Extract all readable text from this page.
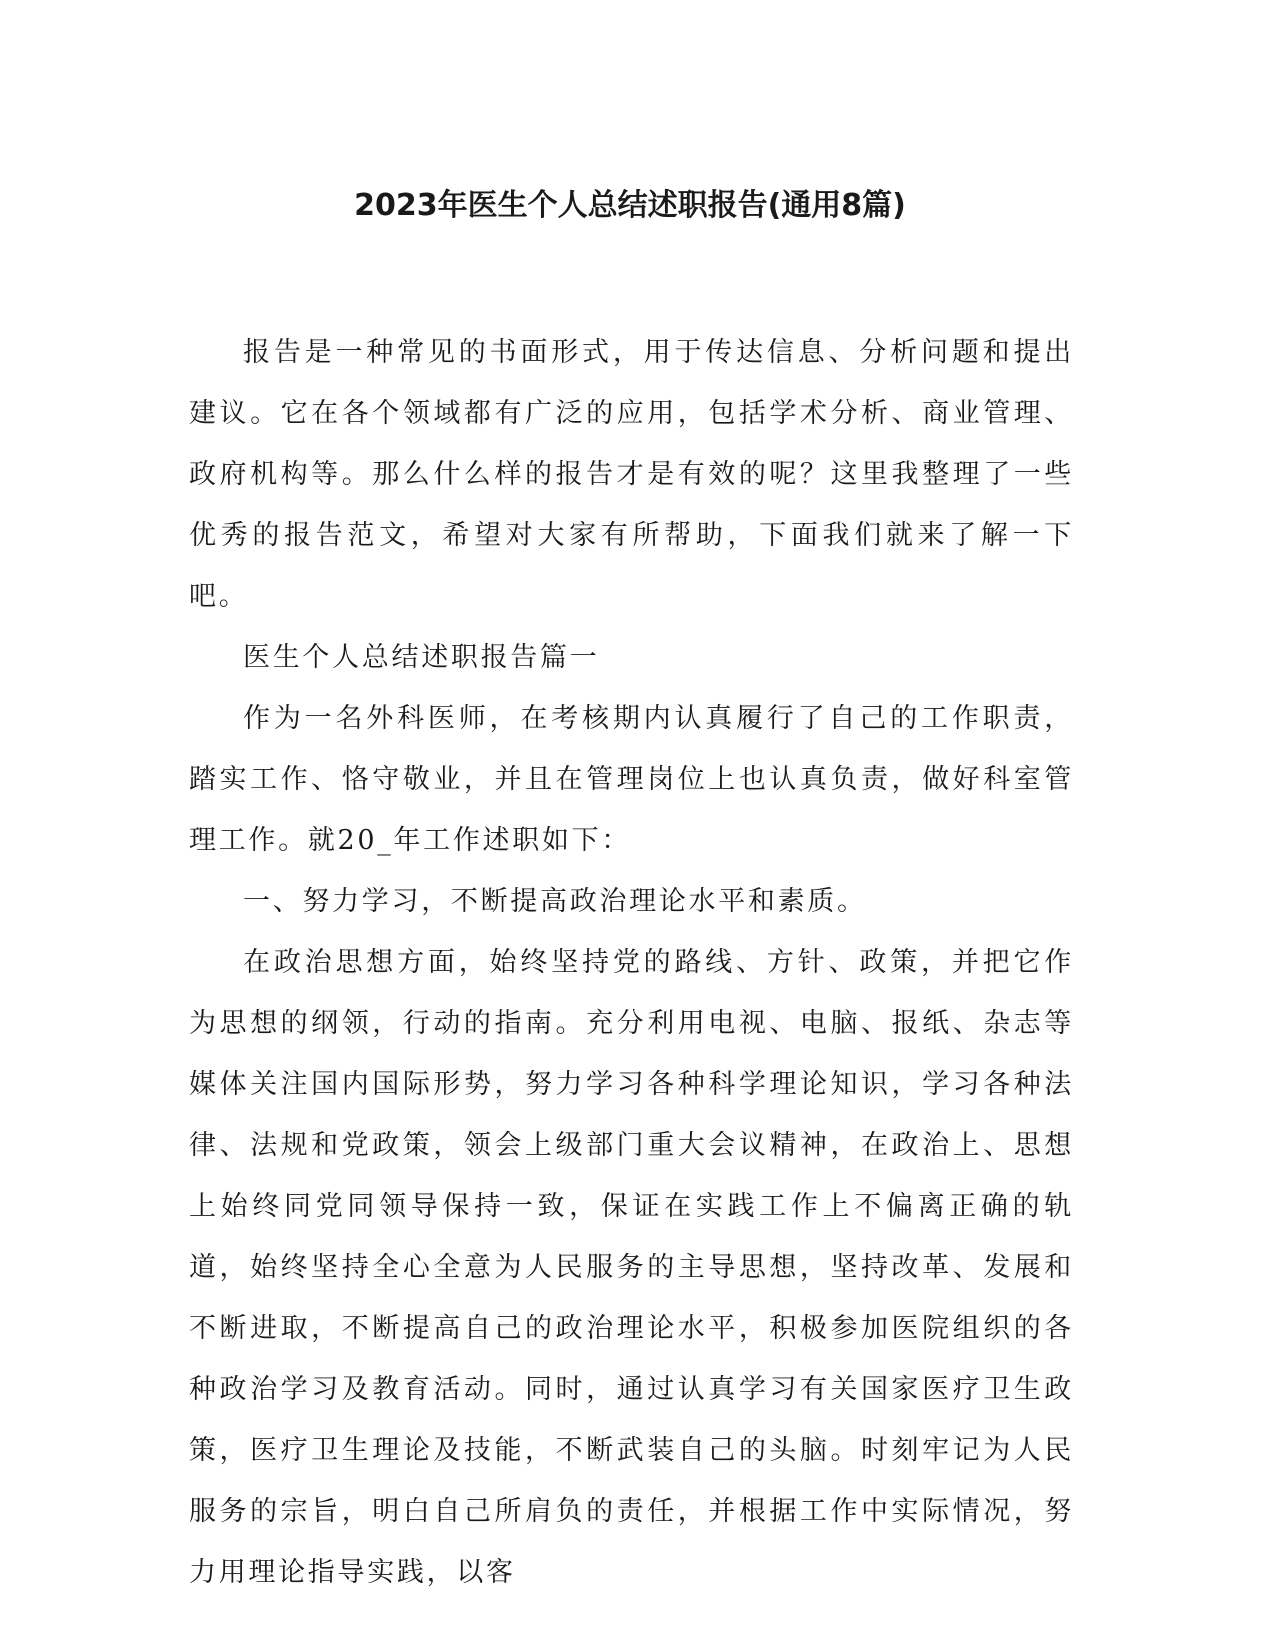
2023年医生个人总结述职报告(通用8篇)

报告是一种常见的书面形式，用于传达信息、分析问题和提出建议。它在各个领域都有广泛的应用，包括学术分析、商业管理、政府机构等。那么什么样的报告才是有效的呢？这里我整理了一些优秀的报告范文，希望对大家有所帮助，下面我们就来了解一下吧。

医生个人总结述职报告篇一

作为一名外科医师，在考核期内认真履行了自己的工作职责，踏实工作、恪守敬业，并且在管理岗位上也认真负责，做好科室管理工作。就20_年工作述职如下：

一、努力学习，不断提高政治理论水平和素质。

在政治思想方面，始终坚持党的路线、方针、政策，并把它作为思想的纲领，行动的指南。充分利用电视、电脑、报纸、杂志等媒体关注国内国际形势，努力学习各种科学理论知识，学习各种法律、法规和党政策，领会上级部门重大会议精神，在政治上、思想上始终同党同领导保持一致，保证在实践工作上不偏离正确的轨道，始终坚持全心全意为人民服务的主导思想，坚持改革、发展和不断进取，不断提高自己的政治理论水平，积极参加医院组织的各种政治学习及教育活动。同时，通过认真学习有关国家医疗卫生政策，医疗卫生理论及技能，不断武装自己的头脑。时刻牢记为人民服务的宗旨，明白自己所肩负的责任，并根据工作中实际情况，努力用理论指导实践，以客
